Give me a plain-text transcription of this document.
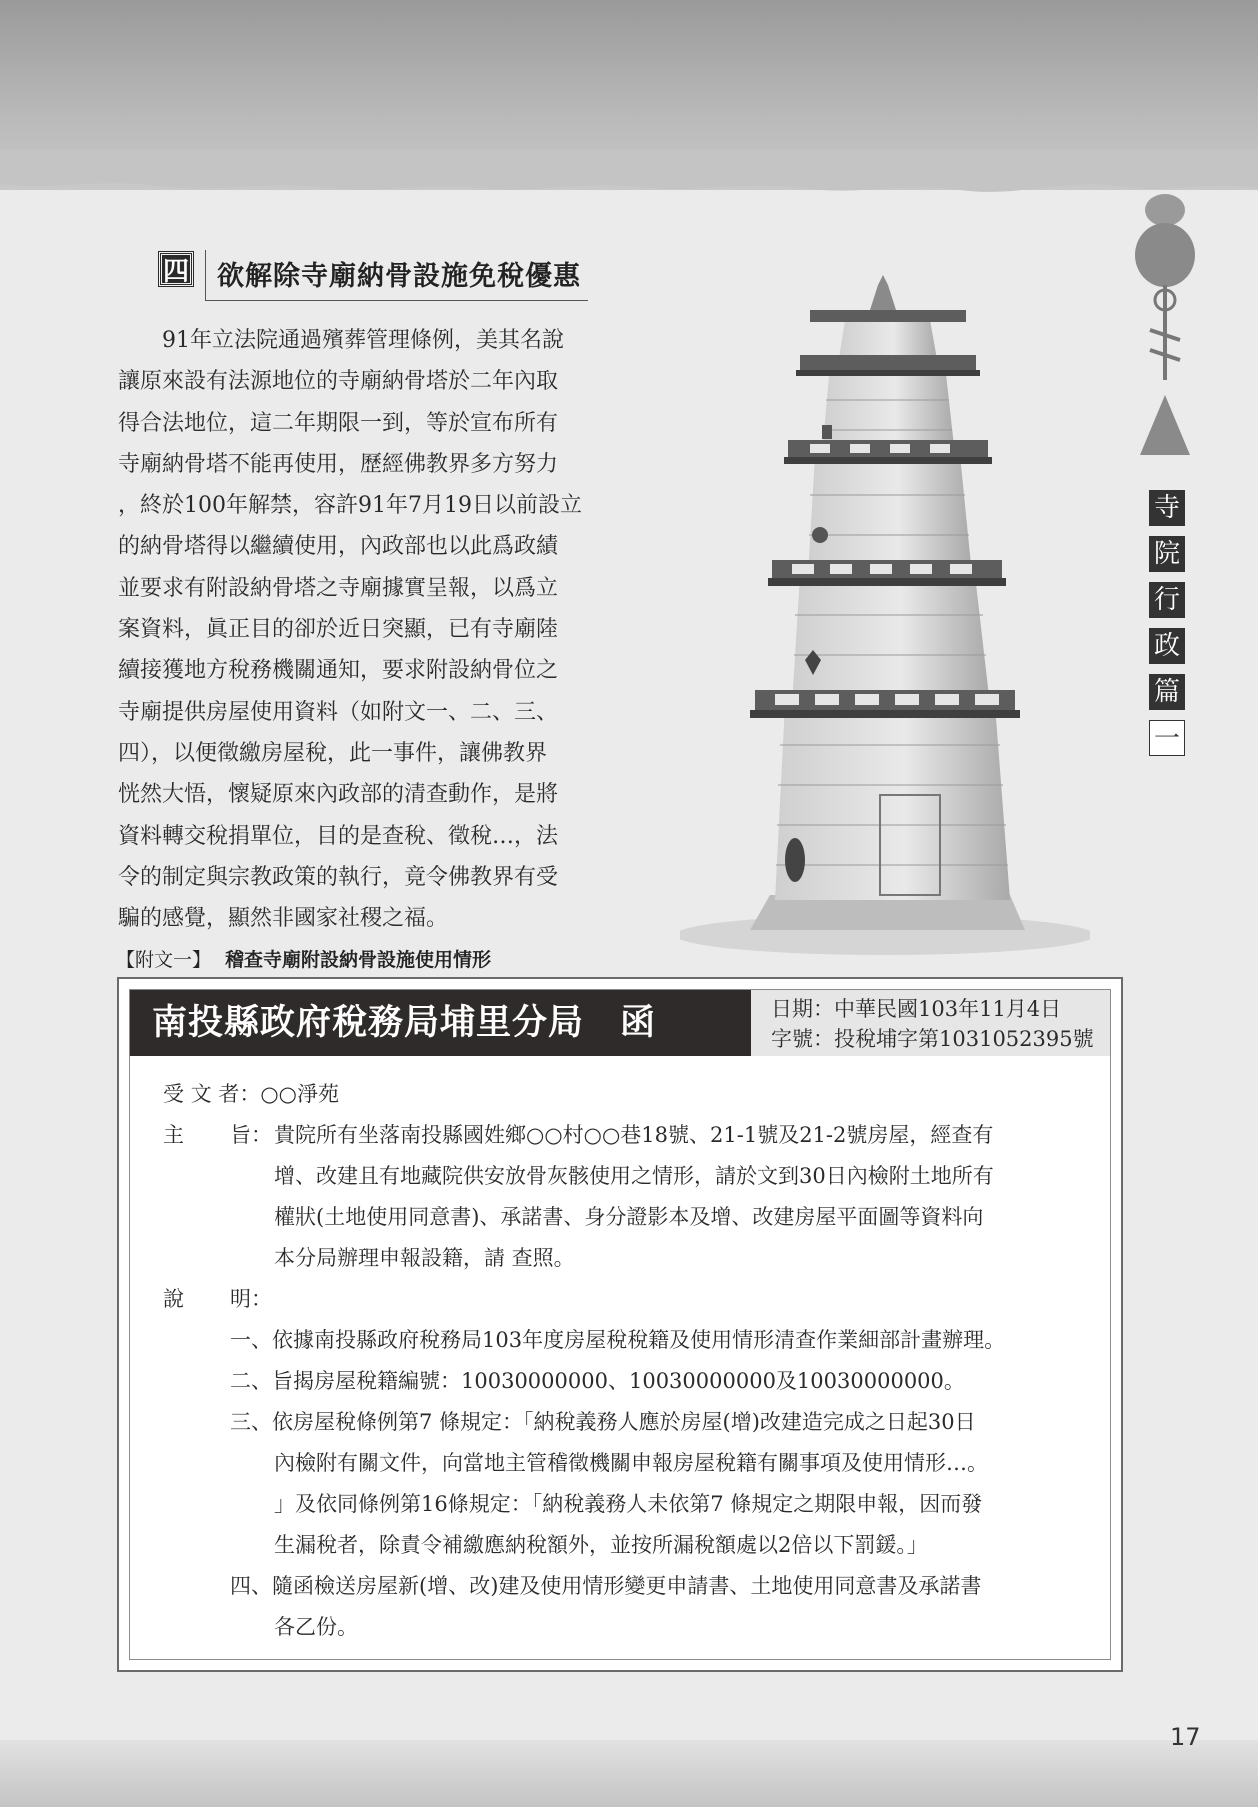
四 欲解除寺廟納骨設施免稅優惠
91年立法院通過殯葬管理條例，美其名說
讓原來設有法源地位的寺廟納骨塔於二年內取
得合法地位，這二年期限一到，等於宣布所有
寺廟納骨塔不能再使用，歷經佛教界多方努力
，終於100年解禁，容許91年7月19日以前設立
的納骨塔得以繼續使用，內政部也以此爲政績
並要求有附設納骨塔之寺廟據實呈報，以爲立
案資料，眞正目的卻於近日突顯，已有寺廟陸
續接獲地方稅務機關通知，要求附設納骨位之
寺廟提供房屋使用資料（如附文一、二、三、
四），以便徵繳房屋稅，此一事件，讓佛教界
恍然大悟，懷疑原來內政部的清查動作，是將
資料轉交稅捐單位，目的是查稅、徵稅…，法
令的制定與宗教政策的執行，竟令佛教界有受
騙的感覺，顯然非國家社稷之福。
寺
院
行
政
篇
一
【附文一】 稽查寺廟附設納骨設施使用情形
南投縣政府稅務局埔里分局　函	日期：中華民國103年11月4日
字號：投稅埔字第1031052395號
受 文 者：○○淨苑
主 旨： 貴院所有坐落南投縣國姓鄉○○村○○巷18號、21-1號及21-2號房屋，經查有
增、改建且有地藏院供安放骨灰骸使用之情形，請於文到30日內檢附土地所有
權狀(土地使用同意書)、承諾書、身分證影本及增、改建房屋平面圖等資料向
本分局辦理申報設籍，請 查照。
說 明：
一、依據南投縣政府稅務局103年度房屋稅稅籍及使用情形清查作業細部計畫辦理。
二、旨揭房屋稅籍編號：10030000000、10030000000及10030000000。
三、依房屋稅條例第7 條規定：「納稅義務人應於房屋(增)改建造完成之日起30日
內檢附有關文件，向當地主管稽徵機關申報房屋稅籍有關事項及使用情形…。
」及依同條例第16條規定：「納稅義務人未依第7 條規定之期限申報，因而發
生漏稅者，除責令補繳應納稅額外，並按所漏稅額處以2倍以下罰鍰。」
四、隨函檢送房屋新(增、改)建及使用情形變更申請書、土地使用同意書及承諾書
各乙份。
17
